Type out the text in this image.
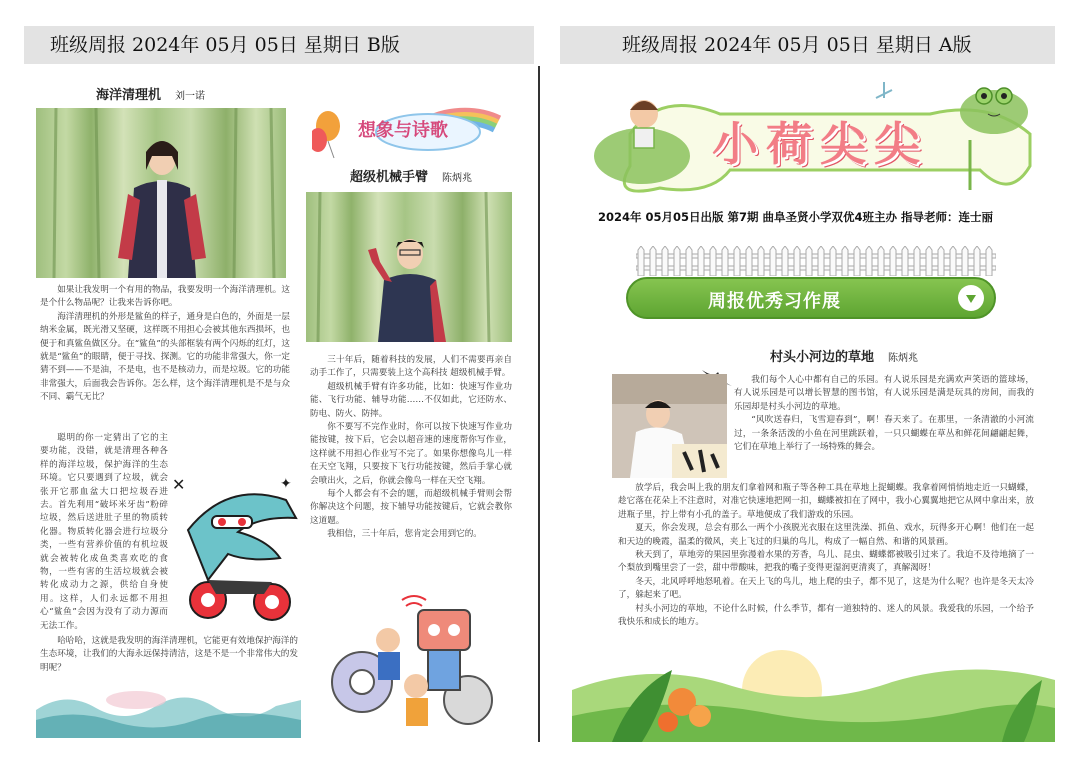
班级周报 2024年 05月 05日 星期日 B版	班级周报 2024年 05月 05日 星期日 A版
海洋清理机 刘一诺

如果让我发明一个有用的物品，我要发明一个海洋清理机。这是个什么物品呢？让我来告诉你吧。

海洋清理机的外形是鲨鱼的样子，通身是白色的，外面是一层纳米金属，既光滑又坚硬，这样既不用担心会被其他东西损坏，也便于和真鲨鱼做区分。在“鲨鱼”的头部框装有两个闪烁的红灯，这就是“鲨鱼”的眼睛，便于寻找、探测。它的功能非常强大，你一定猜不到——不是油，不是电，也不是核动力，而是垃圾。它的功能非常强大，后面我会告诉你。怎么样，这个海洋清理机是不是与众不同、霸气无比？

聪明的你一定猜出了它的主要功能，没错，就是清理各种各样的海洋垃圾，保护海洋的生态环境。它只要遇到了垃圾，就会张开它那血盆大口把垃圾吞进去。首先利用“破坏米牙齿”粉碎垃圾，然后送进肚子里的物质转化器。物质转化器会进行垃圾分类，一些有营养价值的有机垃圾就会被转化成鱼类喜欢吃的食物，一些有害的生活垃圾就会被转化成动力之源，供给自身使用。这样，人们永远都不用担心“鲨鱼”会因为没有了动力源而无法工作。

哈哈哈，这就是我发明的海洋清理机，它能更有效地保护海洋的生态环境，让我们的大海永远保持清洁，这是不是一个非常伟大的发明呢？

✕	✦
想象与诗歌
超级机械手臂 陈炳兆

三十年后，随着科技的发展，人们不需要再亲自动手工作了，只需要装上这个高科技 超级机械手臂。

超级机械手臂有许多功能，比如：快速写作业功能、飞行功能、辅导功能……不仅如此，它还防水、防电、防火、防摔。

你不要写不完作业时，你可以按下快速写作业功能按键，按下后，它会以超音速的速度帮你写作业，这样就不用担心作业写不完了。如果你想像鸟儿一样在天空飞翔，只要按下飞行功能按键，然后手掌心就会喷出火，之后，你就会像鸟一样在天空飞翔。

每个人都会有不会的题，而超级机械手臂则会帮你解决这个问题，按下辅导功能按键后，它就会教你这道题。

我相信，三十年后，您肯定会用到它的。

小荷尖尖
2024年 05月05日出版 第7期 曲阜圣贤小学双优4班主办 指导老师：连士丽
周报优秀习作展
村头小河边的草地 陈炳兆

我们每个人心中都有自己的乐园。有人说乐园是充满欢声笑语的篮球场，有人说乐园是可以增长智慧的图书馆，有人说乐园是满是玩具的房间，而我的乐园却是村头小河边的草地。

“风吹送春归，飞雪迎春到”，啊！春天来了。在那里，一条清澈的小河流过，一条条活泼的小鱼在河里跳跃着，一只只蝴蝶在草丛和鲜花间翩翩起舞，它们在草地上举行了一场特殊的舞会。

放学后，我会叫上我的朋友们拿着网和瓶子等各种工具在草地上捉蝴蝶。我拿着网悄悄地走近一只蝴蝶，趁它落在花朵上不注意时，对准它快速地把网一扣，蝴蝶被扣在了网中，我小心翼翼地把它从网中拿出来，放进瓶子里，拧上带有小孔的盖子。草地便成了我们游戏的乐园。

夏天，你会发现，总会有那么一两个小孩脱光衣服在这里洗澡、抓鱼、戏水，玩得多开心啊！他们在一起和天边的晚霞，温柔的微风，夹上飞过的归巢的鸟儿，构成了一幅自然、和谐的风景画。

秋天到了，草地旁的果园里弥漫着水果的芳香，鸟儿、昆虫、蝴蝶都被吸引过来了。我迫不及待地摘了一个梨放到嘴里尝了一尝，甜中带酸味，把我的嘴子变得更湿润更清爽了，真解渴呀！

冬天，北风呼呼地怒吼着。在天上飞的鸟儿，地上爬的虫子，都不见了，这是为什么呢？也许是冬天太冷了，躲起来了吧。

村头小河边的草地，不论什么时候，什么季节，都有一道独特的、迷人的风景。我爱我的乐园，一个给予我快乐和成长的地方。
